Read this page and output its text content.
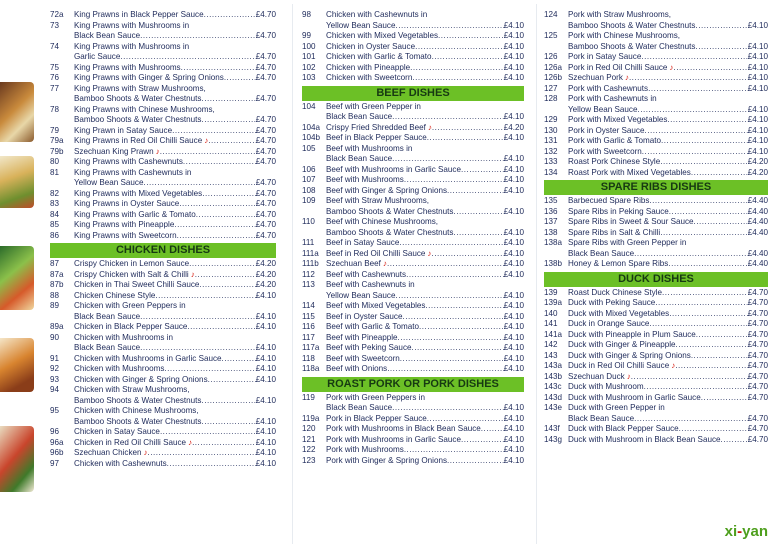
72a	King Prawns in Black Pepper Sauce .....	£4.70
73	King Prawns with Mushrooms in
Black Bean Sauce .....	£4.70
74	King Prawns with Mushrooms in
Garlic Sauce .....	£4.70
75	King Prawns with Mushrooms .....	£4.70
76	King Prawns with Ginger & Spring Onions .....	£4.70
77	King Prawns with Straw Mushrooms,
Bamboo Shoots & Water Chestnuts .....	£4.70
78	King Prawns with Chinese Mushrooms,
Bamboo Shoots & Water Chestnuts .....	£4.70
79	King Prawn in Satay Sauce .....	£4.70
79a	King Prawns in Red Oil Chilli Sauce ♪ .....	£4.70
79b	Szechuan King Prawn ♪ .....	£4.70
80	King Prawns with Cashewnuts .....	£4.70
81	King Prawns with Cashewnuts in
Yellow Bean Sauce .....	£4.70
82	King Prawns with Mixed Vegetables .....	£4.70
83	King Prawns in Oyster Sauce .....	£4.70
84	King Prawns with Garlic & Tomato .....	£4.70
85	King Prawns with Pineapple .....	£4.70
86	King Prawns with Sweetcorn .....	£4.70
CHICKEN DISHES
87	Crispy Chicken in Lemon Sauce .....	£4.20
87a	Crispy Chicken with Salt & Chilli ♪ .....	£4.20
87b	Chicken in Thai Sweet Chilli Sauce .....	£4.20
88	Chicken Chinese Style .....	£4.10
89	Chicken with Green Peppers in
Black Bean Sauce .....	£4.10
89a	Chicken in Black Pepper Sauce .....	£4.10
90	Chicken with Mushrooms in
Black Bean Sauce .....	£4.10
91	Chicken with Mushrooms in Garlic Sauce .....	£4.10
92	Chicken with Mushrooms .....	£4.10
93	Chicken with Ginger & Spring Onions .....	£4.10
94	Chicken with Straw Mushrooms,
Bamboo Shoots & Water Chestnuts .....	£4.10
95	Chicken with Chinese Mushrooms,
Bamboo Shoots & Water Chestnuts .....	£4.10
96	Chicken in Satay Sauce .....	£4.10
96a	Chicken in Red Oil Chilli Sauce ♪ .....	£4.10
96b	Szechuan Chicken ♪ .....	£4.10
97	Chicken with Cashewnuts .....	£4.10
98	Chicken with Cashewnuts in
Yellow Bean Sauce .....	£4.10
99	Chicken with Mixed Vegetables .....	£4.10
100	Chicken in Oyster Sauce .....	£4.10
101	Chicken with Garlic & Tomato .....	£4.10
102	Chicken with Pineapple .....	£4.10
103	Chicken with Sweetcorn .....	£4.10
BEEF DISHES
104	Beef with Green Pepper in
Black Bean Sauce .....	£4.10
104a Crispy Fried Shredded Beef ♪ .....	£4.20
104b Beef in Black Pepper Sauce .....	£4.10
105	Beef with Mushrooms in
Black Bean Sauce .....	£4.10
106	Beef with Mushrooms in Garlic Sauce .....	£4.10
107	Beef with Mushrooms .....	£4.10
108	Beef with Ginger & Spring Onions .....	£4.10
109	Beef with Straw Mushrooms,
Bamboo Shoots & Water Chestnuts .....	£4.10
110	Beef with Chinese Mushrooms,
Bamboo Shoots & Water Chestnuts .....	£4.10
111	Beef in Satay Sauce .....	£4.10
111a Beef in Red Oil Chilli Sauce ♪ .....	£4.10
111b Szechuan Beef ♪ .....	£4.10
112	Beef with Cashewnuts .....	£4.10
113	Beef with Cashewnuts in
Yellow Bean Sauce .....	£4.10
114	Beef with Mixed Vegetables .....	£4.10
115	Beef in Oyster Sauce .....	£4.10
116	Beef with Garlic & Tomato .....	£4.10
117	Beef with Pineapple .....	£4.10
117a Beef with Peking Sauce .....	£4.10
118	Beef with Sweetcorn .....	£4.10
118a Beef with Onions .....	£4.10
ROAST PORK OR PORK DISHES
119	Pork with Green Peppers in
Black Bean Sauce .....	£4.10
119a Pork in Black Pepper Sauce .....	£4.10
120	Pork with Mushrooms in Black Bean Sauce .....	£4.10
121	Pork with Mushrooms in Garlic Sauce .....	£4.10
122	Pork with Mushrooms .....	£4.10
123	Pork with Ginger & Spring Onions .....	£4.10
124	Pork with Straw Mushrooms,
Bamboo Shoots & Water Chestnuts .....	£4.10
125	Pork with Chinese Mushrooms,
Bamboo Shoots & Water Chestnuts .....	£4.10
126	Pork in Satay Sauce .....	£4.10
126a Pork in Red Oil Chilli Sauce ♪ .....	£4.10
126b Szechuan Pork ♪ .....	£4.10
127	Pork with Cashewnuts .....	£4.10
128	Pork with Cashewnuts in
Yellow Bean Sauce .....	£4.10
129	Pork with Mixed Vegetables .....	£4.10
130	Pork in Oyster Sauce .....	£4.10
131	Pork with Garlic & Tomato .....	£4.10
132	Pork with Sweetcorn .....	£4.10
133	Roast Pork Chinese Style .....	£4.20
134	Roast Pork with Mixed Vegetables .....	£4.20
SPARE RIBS DISHES
135	Barbecued Spare Ribs .....	£4.40
136	Spare Ribs in Peking Sauce .....	£4.40
137	Spare Ribs in Sweet & Sour Sauce .....	£4.40
138	Spare Ribs in Salt & Chilli .....	£4.40
138a Spare Ribs with Green Pepper in
Black Bean Sauce .....	£4.40
138b Honey & Lemon Spare Ribs .....	£4.40
DUCK DISHES
139	Roast Duck Chinese Style .....	£4.70
139a Duck with Peking Sauce .....	£4.70
140	Duck with Mixed Vegetables .....	£4.70
141	Duck in Orange Sauce .....	£4.70
141a Duck with Pineapple in Plum Sauce .....	£4.70
142	Duck with Ginger & Pineapple .....	£4.70
143	Duck with Ginger & Spring Onions .....	£4.70
143a Duck in Red Oil Chilli Sauce ♪ .....	£4.70
143b Szechuan Duck ♪ .....	£4.70
143c Duck with Mushroom .....	£4.70
143d Duck with Mushroom in Garlic Sauce .....	£4.70
143e Duck with Green Pepper in
Black Bean Sauce .....	£4.70
143f	Duck with Black Pepper Sauce .....	£4.70
143g Duck with Mushroom in Black Bean Sauce .....	£4.70
xi-yan
